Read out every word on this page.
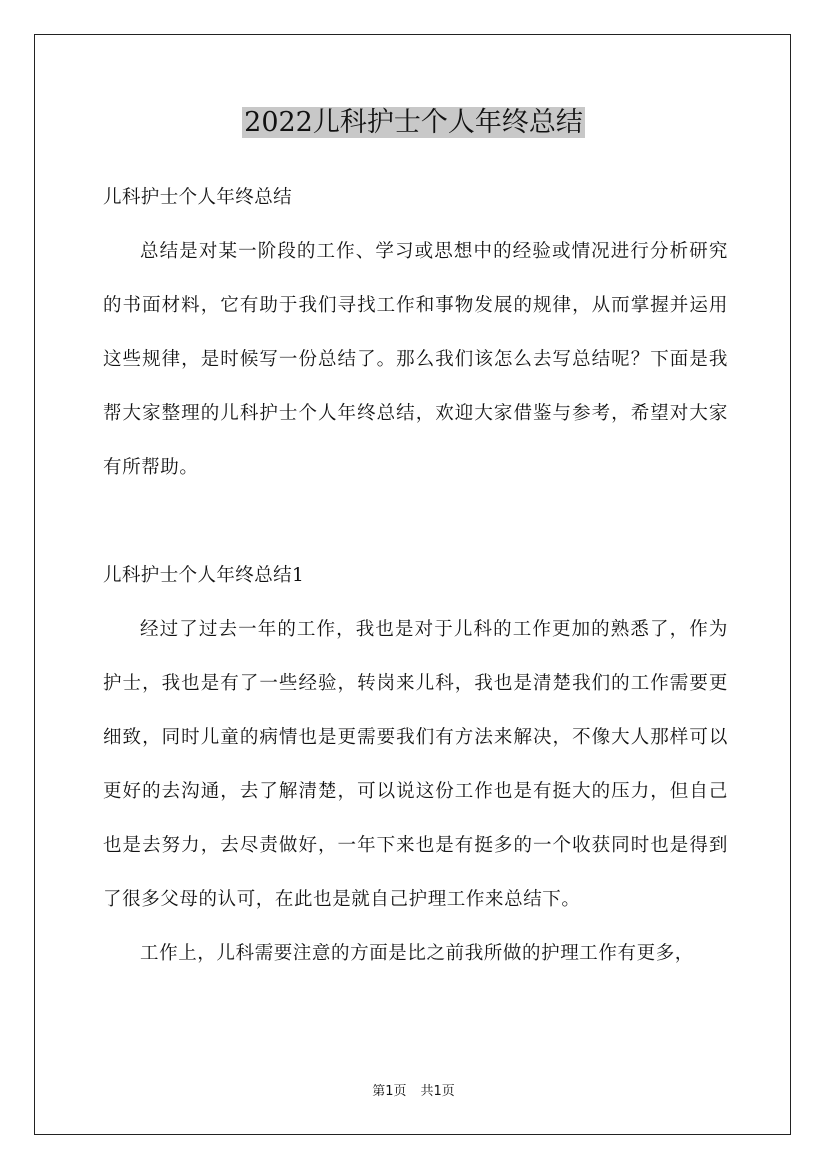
2022儿科护士个人年终总结

儿科护士个人年终总结

总结是对某一阶段的工作、学习或思想中的经验或情况进行分析研究的书面材料，它有助于我们寻找工作和事物发展的规律，从而掌握并运用这些规律，是时候写一份总结了。那么我们该怎么去写总结呢？下面是我帮大家整理的儿科护士个人年终总结，欢迎大家借鉴与参考，希望对大家有所帮助。

儿科护士个人年终总结1

经过了过去一年的工作，我也是对于儿科的工作更加的熟悉了，作为护士，我也是有了一些经验，转岗来儿科，我也是清楚我们的工作需要更细致，同时儿童的病情也是更需要我们有方法来解决，不像大人那样可以更好的去沟通，去了解清楚，可以说这份工作也是有挺大的压力，但自己也是去努力，去尽责做好，一年下来也是有挺多的一个收获同时也是得到了很多父母的认可，在此也是就自己护理工作来总结下。

工作上，儿科需要注意的方面是比之前我所做的护理工作有更多，

第1页 共1页
